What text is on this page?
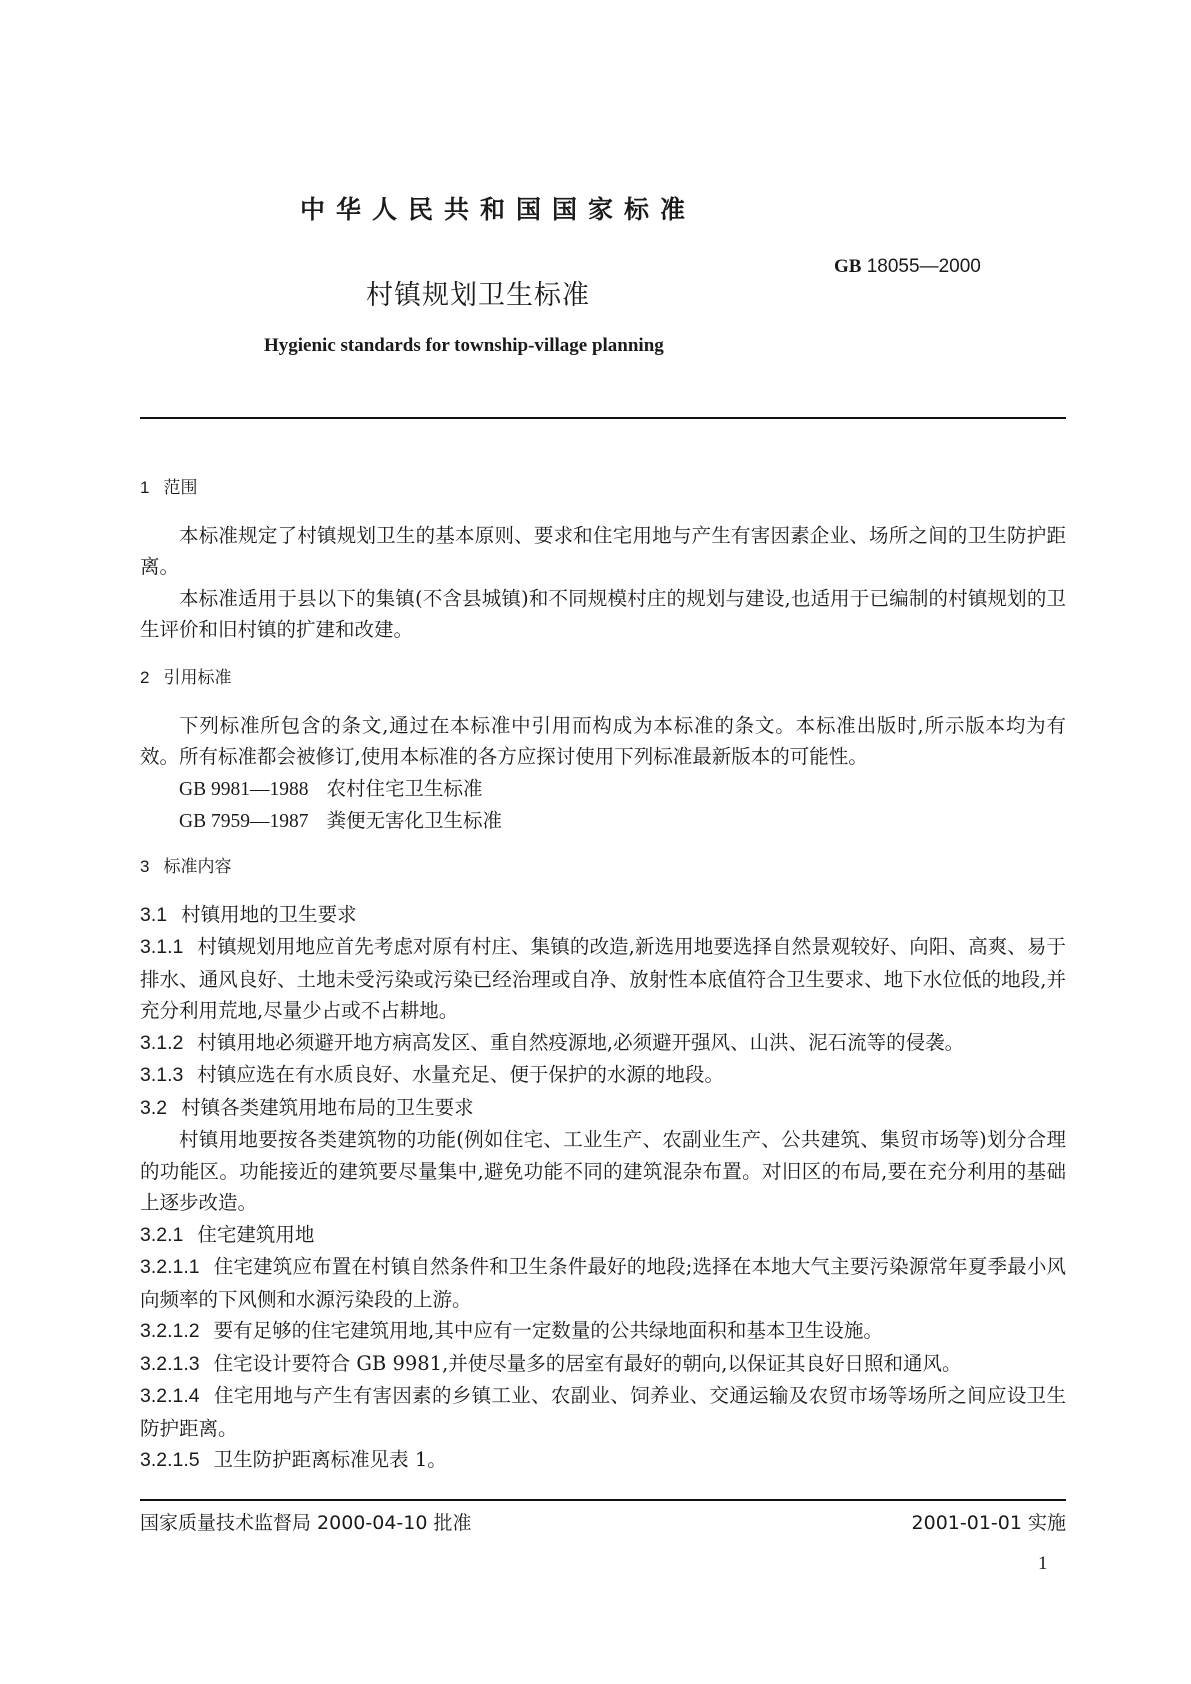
中华人民共和国国家标准
GB 18055—2000
村镇规划卫生标准
Hygienic standards for township-village planning
1 范围
本标准规定了村镇规划卫生的基本原则、要求和住宅用地与产生有害因素企业、场所之间的卫生防护距离。
本标准适用于县以下的集镇(不含县城镇)和不同规模村庄的规划与建设,也适用于已编制的村镇规划的卫生评价和旧村镇的扩建和改建。
2 引用标准
下列标准所包含的条文,通过在本标准中引用而构成为本标准的条文。本标准出版时,所示版本均为有效。所有标准都会被修订,使用本标准的各方应探讨使用下列标准最新版本的可能性。
GB 9981—1988 农村住宅卫生标准
GB 7959—1987 粪便无害化卫生标准
3 标准内容
3.1 村镇用地的卫生要求
3.1.1 村镇规划用地应首先考虑对原有村庄、集镇的改造,新选用地要选择自然景观较好、向阳、高爽、易于排水、通风良好、土地未受污染或污染已经治理或自净、放射性本底值符合卫生要求、地下水位低的地段,并充分利用荒地,尽量少占或不占耕地。
3.1.2 村镇用地必须避开地方病高发区、重自然疫源地,必须避开强风、山洪、泥石流等的侵袭。
3.1.3 村镇应选在有水质良好、水量充足、便于保护的水源的地段。
3.2 村镇各类建筑用地布局的卫生要求
村镇用地要按各类建筑物的功能(例如住宅、工业生产、农副业生产、公共建筑、集贸市场等)划分合理的功能区。功能接近的建筑要尽量集中,避免功能不同的建筑混杂布置。对旧区的布局,要在充分利用的基础上逐步改造。
3.2.1 住宅建筑用地
3.2.1.1 住宅建筑应布置在村镇自然条件和卫生条件最好的地段;选择在本地大气主要污染源常年夏季最小风向频率的下风侧和水源污染段的上游。
3.2.1.2 要有足够的住宅建筑用地,其中应有一定数量的公共绿地面积和基本卫生设施。
3.2.1.3 住宅设计要符合 GB 9981,并使尽量多的居室有最好的朝向,以保证其良好日照和通风。
3.2.1.4 住宅用地与产生有害因素的乡镇工业、农副业、饲养业、交通运输及农贸市场等场所之间应设卫生防护距离。
3.2.1.5 卫生防护距离标准见表 1。
国家质量技术监督局 2000-04-10 批准	2001-01-01 实施
1
